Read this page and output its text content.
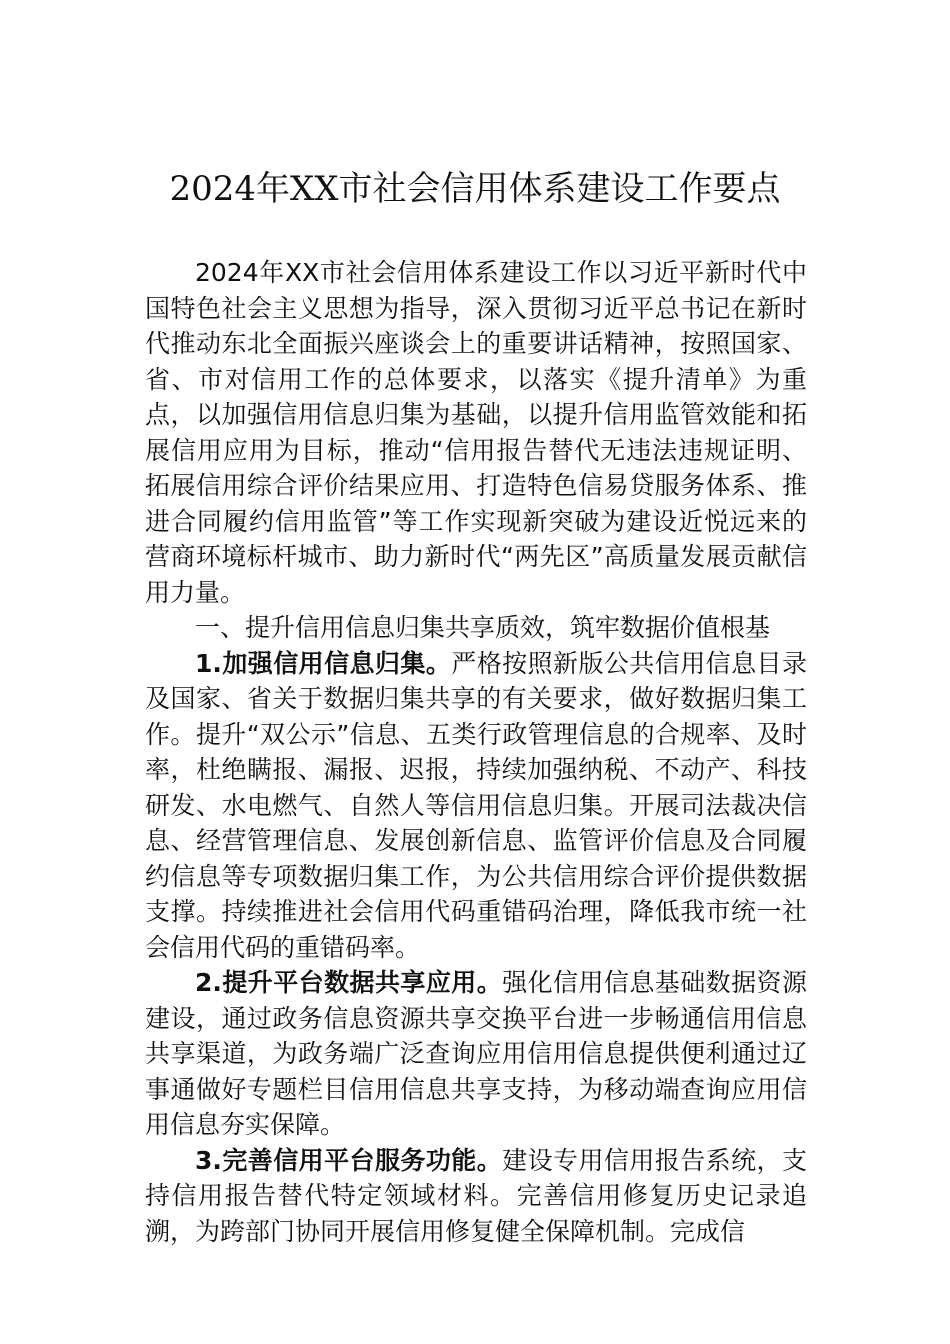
2024年XX市社会信用体系建设工作要点

2024年XX市社会信用体系建设工作以习近平新时代中国特色社会主义思想为指导，深入贯彻习近平总书记在新时代推动东北全面振兴座谈会上的重要讲话精神，按照国家、省、市对信用工作的总体要求，以落实《提升清单》为重点，以加强信用信息归集为基础，以提升信用监管效能和拓展信用应用为目标，推动“信用报告替代无违法违规证明、拓展信用综合评价结果应用、打造特色信易贷服务体系、推进合同履约信用监管”等工作实现新突破为建设近悦远来的营商环境标杆城市、助力新时代“两先区”高质量发展贡献信用力量。

一、提升信用信息归集共享质效，筑牢数据价值根基

1.加强信用信息归集。严格按照新版公共信用信息目录及国家、省关于数据归集共享的有关要求，做好数据归集工作。提升“双公示”信息、五类行政管理信息的合规率、及时率，杜绝瞒报、漏报、迟报，持续加强纳税、不动产、科技研发、水电燃气、自然人等信用信息归集。开展司法裁决信息、经营管理信息、发展创新信息、监管评价信息及合同履约信息等专项数据归集工作，为公共信用综合评价提供数据支撑。持续推进社会信用代码重错码治理，降低我市统一社会信用代码的重错码率。

2.提升平台数据共享应用。强化信用信息基础数据资源建设，通过政务信息资源共享交换平台进一步畅通信用信息共享渠道，为政务端广泛查询应用信用信息提供便利通过辽事通做好专题栏目信用信息共享支持，为移动端查询应用信用信息夯实保障。

3.完善信用平台服务功能。建设专用信用报告系统，支持信用报告替代特定领域材料。完善信用修复历史记录追溯，为跨部门协同开展信用修复健全保障机制。完成信
